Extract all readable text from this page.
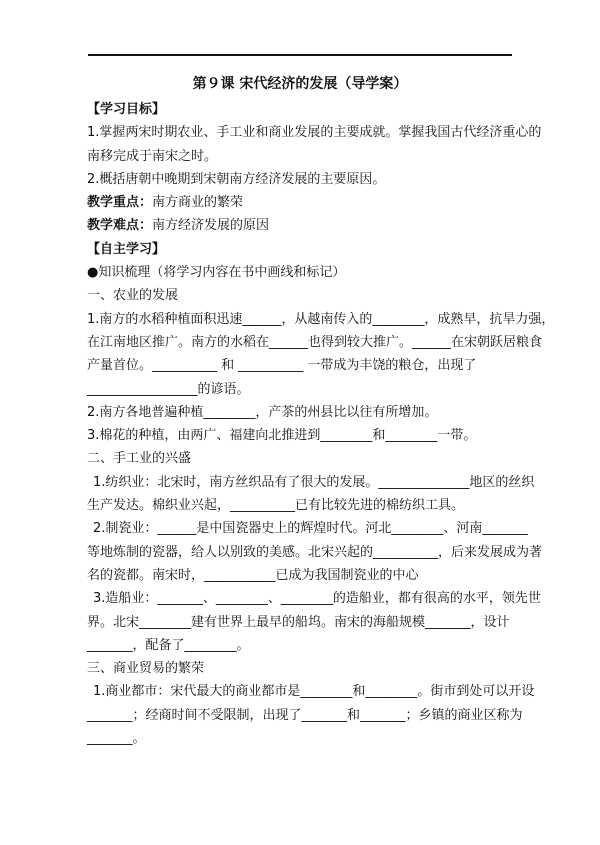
第９课 宋代经济的发展（导学案）
【学习目标】
1.掌握两宋时期农业、手工业和商业发展的主要成就。掌握我国古代经济重心的
南移完成于南宋之时。
2.概括唐朝中晚期到宋朝南方经济发展的主要原因。
教学重点：南方商业的繁荣
教学难点：南方经济发展的原因
【自主学习】
●知识梳理（将学习内容在书中画线和标记）
一、农业的发展
1.南方的水稻种植面积迅速______，从越南传入的________，成熟早，抗旱力强，
在江南地区推广。南方的水稻在______也得到较大推广。______在宋朝跃居粮食
产量首位。__________ 和 __________ 一带成为丰饶的粮仓，出现了
_________________的谚语。
2.南方各地普遍种植________，产茶的州县比以往有所增加。
3.棉花的种植，由两广、福建向北推进到________和________一带。
二、手工业的兴盛
1.纺织业：北宋时，南方丝织品有了很大的发展。______________地区的丝织
生产发达。棉织业兴起，__________已有比较先进的棉纺织工具。
2.制瓷业：______是中国瓷器史上的辉煌时代。河北________、河南_______
等地炼制的瓷器，给人以别致的美感。北宋兴起的__________，后来发展成为著
名的瓷都。南宋时，___________已成为我国制瓷业的中心
3.造船业：_______、________、________的造船业，都有很高的水平，领先世
界。北宋________建有世界上最早的船坞。南宋的海船规模_______，设计
_______，配备了________。
三、商业贸易的繁荣
1.商业都市：宋代最大的商业都市是________和________。街市到处可以开设
_______；经商时间不受限制，出现了_______和_______；乡镇的商业区称为
_______。
